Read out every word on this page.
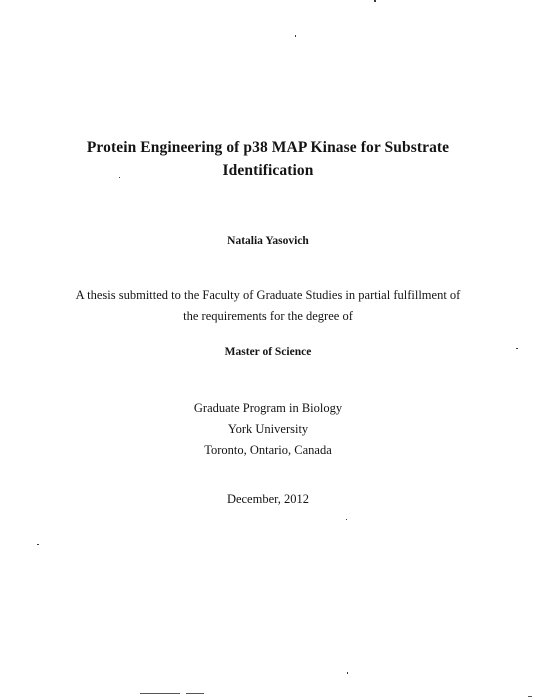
Protein Engineering of p38 MAP Kinase for Substrate
Identification
Natalia Yasovich
A thesis submitted to the Faculty of Graduate Studies in partial fulfillment of
the requirements for the degree of
Master of Science
Graduate Program in Biology
York University
Toronto, Ontario, Canada
December, 2012
